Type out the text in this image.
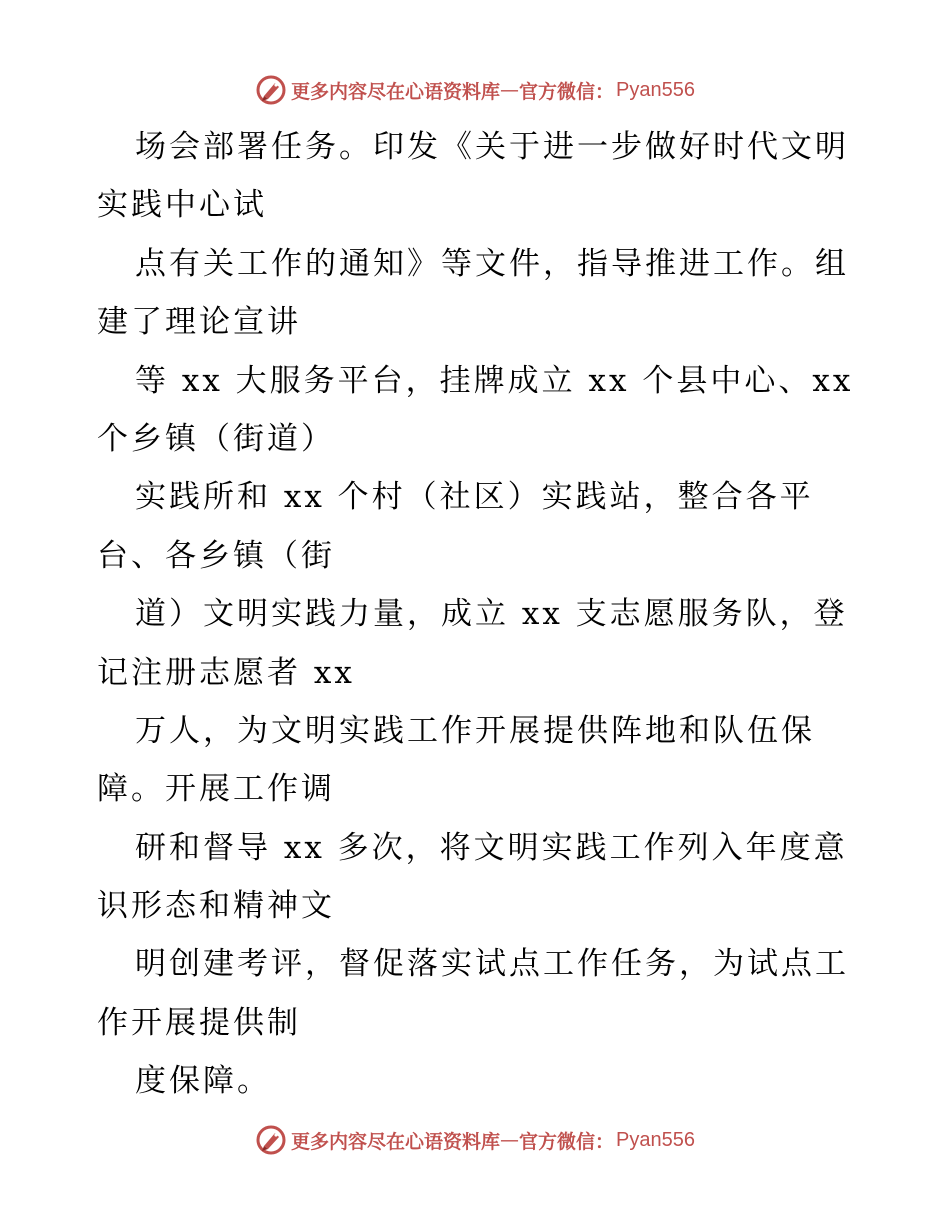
更多内容尽在心语资料库 — 官方微信： Pyan556
场会部署任务。印发《关于进一步做好时代文明
实践中心试
点有关工作的通知》等文件，指导推进工作。组
建了理论宣讲
等 xx 大服务平台，挂牌成立 xx 个县中心、xx
个乡镇（街道）
实践所和 xx 个村（社区）实践站，整合各平
台、各乡镇（街
道）文明实践力量，成立 xx 支志愿服务队，登
记注册志愿者 xx
万人，为文明实践工作开展提供阵地和队伍保
障。开展工作调
研和督导 xx 多次，将文明实践工作列入年度意
识形态和精神文
明创建考评，督促落实试点工作任务，为试点工
作开展提供制
度保障。
更多内容尽在心语资料库 — 官方微信： Pyan556
